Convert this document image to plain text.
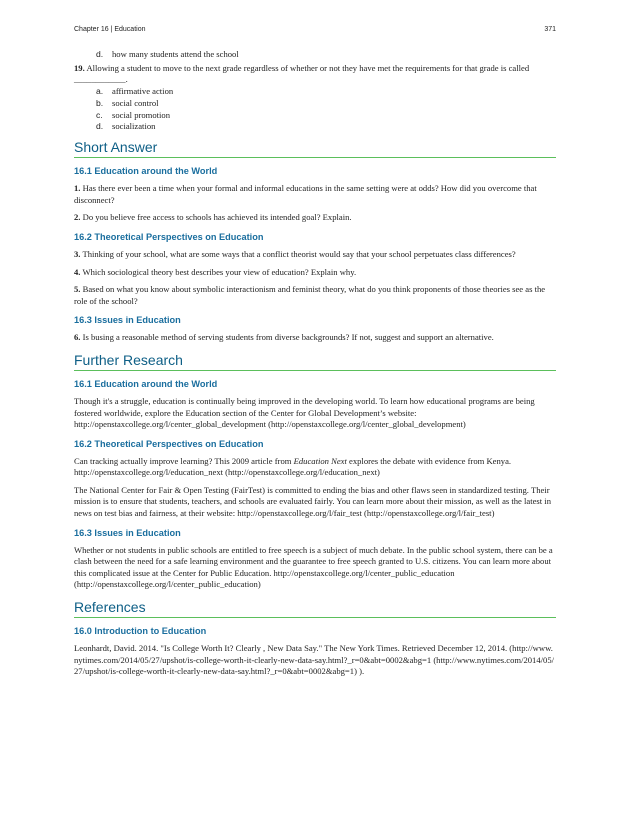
Chapter 16 | Education	371
d.	how many students attend the school

19. Allowing a student to move to the next grade regardless of whether or not they have met the requirements for that grade is called ____________.

a.	affirmative action
b.	social control
c.	social promotion
d.	socialization
Short Answer
16.1 Education around the World

1. Has there ever been a time when your formal and informal educations in the same setting were at odds? How did you overcome that disconnect?

2. Do you believe free access to schools has achieved its intended goal? Explain.

16.2 Theoretical Perspectives on Education

3. Thinking of your school, what are some ways that a conflict theorist would say that your school perpetuates class differences?

4. Which sociological theory best describes your view of education? Explain why.

5. Based on what you know about symbolic interactionism and feminist theory, what do you think proponents of those theories see as the role of the school?

16.3 Issues in Education

6. Is busing a reasonable method of serving students from diverse backgrounds? If not, suggest and support an alternative.

Further Research
16.1 Education around the World

Though it's a struggle, education is continually being improved in the developing world. To learn how educational programs are being fostered worldwide, explore the Education section of the Center for Global Development’s website: http://openstaxcollege.org/l/center_global_development (http://openstaxcollege.org/l/center_global_development)

16.2 Theoretical Perspectives on Education

Can tracking actually improve learning? This 2009 article from Education Next explores the debate with evidence from Kenya. http://openstaxcollege.org/l/education_next (http://openstaxcollege.org/l/education_next)

The National Center for Fair & Open Testing (FairTest) is committed to ending the bias and other flaws seen in standardized testing. Their mission is to ensure that students, teachers, and schools are evaluated fairly. You can learn more about their mission, as well as the latest in news on test bias and fairness, at their website: http://openstaxcollege.org/l/fair_test (http://openstaxcollege.org/l/fair_test)

16.3 Issues in Education

Whether or not students in public schools are entitled to free speech is a subject of much debate. In the public school system, there can be a clash between the need for a safe learning environment and the guarantee to free speech granted to U.S. citizens. You can learn more about this complicated issue at the Center for Public Education. http://openstaxcollege.org/l/center_public_education (http://openstaxcollege.org/l/center_public_education)

References
16.0 Introduction to Education

Leonhardt, David. 2014. "Is College Worth It? Clearly , New Data Say." The New York Times. Retrieved December 12, 2014. (http://www.nytimes.com/2014/05/27/upshot/is-college-worth-it-clearly-new-data-say.html?_r=0&abt=0002&abg=1 (http://www.nytimes.com/2014/05/27/upshot/is-college-worth-it-clearly-new-data-say.html?_r=0&abt=0002&abg=1) ).
